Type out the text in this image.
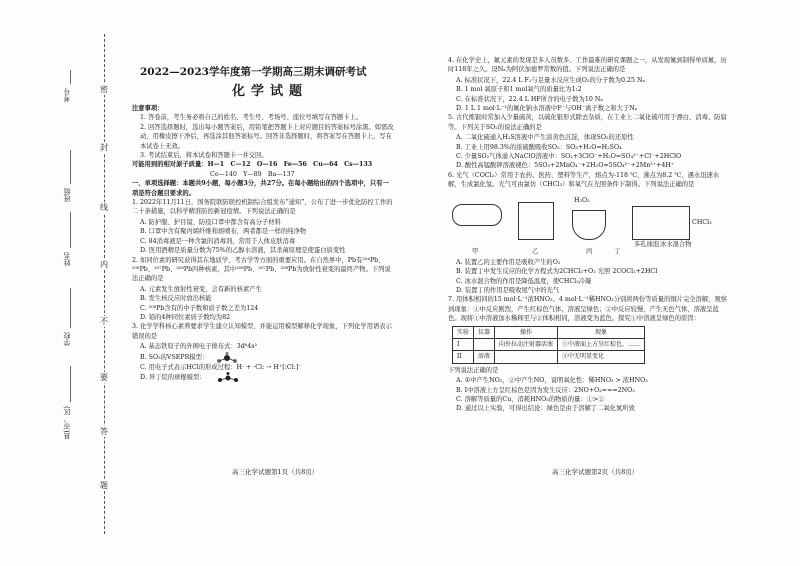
密
封
线
内
不
要
答
题
考号
班级
姓名
学校
县(市、区)
2022—2023学年度第一学期高三期末调研考试
化学试题

注意事项：

1. 答卷前，考生务必将自己的姓名、考生号、考场号、座位号填写在答题卡上。

2. 回答选择题时，选出每小题答案后，用铅笔把答题卡上对应题目的答案标号涂黑。如需改动，用橡皮擦干净后，再选涂其他答案标号。回答非选择题时，将答案写在答题卡上，写在本试卷上无效。

3. 考试结束后，将本试卷和答题卡一并交回。

可能用到的相对原子质量：H—1　C—12　O—16　Fe—56　Cu—64　Cs—133

Ce—140　Y—89　Ba—137

一、单项选择题：本题共9小题，每小题3分，共27分。在每小题给出的四个选项中，只有一项是符合题目要求的。

1. 2022年11月11日，国务院联防联控机制综合组发布“通知”，公布了进一步优化防控工作的二十条措施，以科学精准防控新冠疫情。下列说法正确的是

A. 防护服、护目镜、防疫口罩中都含有高分子材料

B. 口罩中含有聚丙烯纤维和熔喷布，两者都是一样的纯净物

C. 84消毒液是一种含氯的消毒剂，常用于人体皮肤消毒

D. 医用酒精是质量分数为75%的乙醇水溶液，其杀菌原理是使蛋白质变性

2. 如同位素的研究获得其在地质学、考古学等方面的重要应用。在自然界中，Pb有²⁰⁴Pb、²⁰⁶Pb、²⁰⁷Pb、²⁰⁸Pb四种核素，其中²⁰⁶Pb、²⁰⁷Pb、²⁰⁸Pb为放射性衰变的最终产物。下列说法正确的是

A. 元素发生放射性衰变，会有新的核素产生

B. 发生核反应时放出核能

C. ²⁰⁸Pb含有的中子数和质子数之差为124

D. 铅的4种同位素质子数均为82

3. 化学学科核心素养要求学生建立认知模型，并能运用模型解释化学现象，下列化学用语表示错误的是

A. 基态铁原子的外围电子排布式：3d⁶4s²

B. SO₃的VSEPR模型：

C. 用电子式表示HCl的形成过程：H· + ·Cl: → H⁺[:Cl:]⁻

D. 异丁烷的球棍模型：

4. 在化学史上，氟元素的发现是多人员数多、工作最难的研究课题之一，从发现氟到制得单质氟，历时118年之久。设Nₐ为阿伏加德罗常数的值。下列说法正确的是

A. 标准状况下，22.4 L F₂与足量水反应生成O₂的分子数为0.25 Nₐ

B. 1 mol 氧原子和1 mol氧气的质量比为1:2

C. 在标准状况下，22.4 L HF所含的电子数为10 Nₐ

D. 1 L 1 mol·L⁻¹的氟化钠水溶液中F⁻与OH⁻离子数之和大于Nₐ

5. 古代炼银时常加入少量硫黄，以硫化银形式除去杂质，在工业上二氧化硫可用于漂白、消毒、防腐等。下列关于SO₂的说法正确的是

A. 二氧化硫通入H₂S溶液中产生淡黄色沉淀，体现SO₂的还原性

B. 工业上用98.3%的浓硫酸吸收SO₃：SO₃+H₂O=H₂SO₄

C. 少量SO₂气体通入NaClO溶液中：SO₂+3ClO⁻+H₂O=SO₄²⁻+Cl⁻+2HClO

D. 酸性高锰酸钾溶液褪色：5SO₂+2MnO₄⁻+2H₂O=5SO₄²⁻+2Mn²⁺+4H⁺

6. 光气（COCl₂）常用于农药、医药、塑料等生产，熔点为-118 ℃，沸点为8.2 ℃，遇水迅速水解，生成氯化氢。光气可由氯仿（CHCl₃）和氧气在光照条件下制得。下列说法正确的是

H₂O₂
CHCl₃
多孔球泡 冰水混合物
甲	乙	丙	丁

A. 装置乙的主要作用是吸收产生的O₂

B. 装置丁中发生反应的化学方程式为2CHCl₃+O₂ 光照 2COCl₂+2HCl

C. 冰水混合物的作用是降低温度，使CHCl₃冷凝

D. 装置丁的作用是吸收尾气中的光气

7. 用体积相同的15 mol·L⁻¹浓HNO₃、4 mol·L⁻¹稀HNO₃分别将两份等质量的铜片完全溶解，观察到现象：①中反应剧烈，产生红棕色气体，溶液呈绿色；②中反应较慢，产生无色气体，溶液呈蓝色。现将①中溶液加水稀释至与②体积相同，溶液变为蓝色。探究①中溶液呈绿色的原因：

实验	仪器	操作	现象
I		向外拉动注射器活塞	①中液面上方呈红棕色，……
II	溶液		②中无明显变化

下列说法正确的是

A. ①中产生NO₂，②中产生NO，说明氧化性：稀HNO₃ > 浓HNO₃

B. I中溶液上方呈红棕色是因为发生反应：2NO+O₂===2NO₂

C. 溶解等质量的Cu，消耗HNO₃的物质的量：①>②

D. 通过以上实验，可得出结论：绿色是由于溶解了二氧化氮所致

高三化学试题第1页（共8页）	高三化学试题第2页（共8页）
